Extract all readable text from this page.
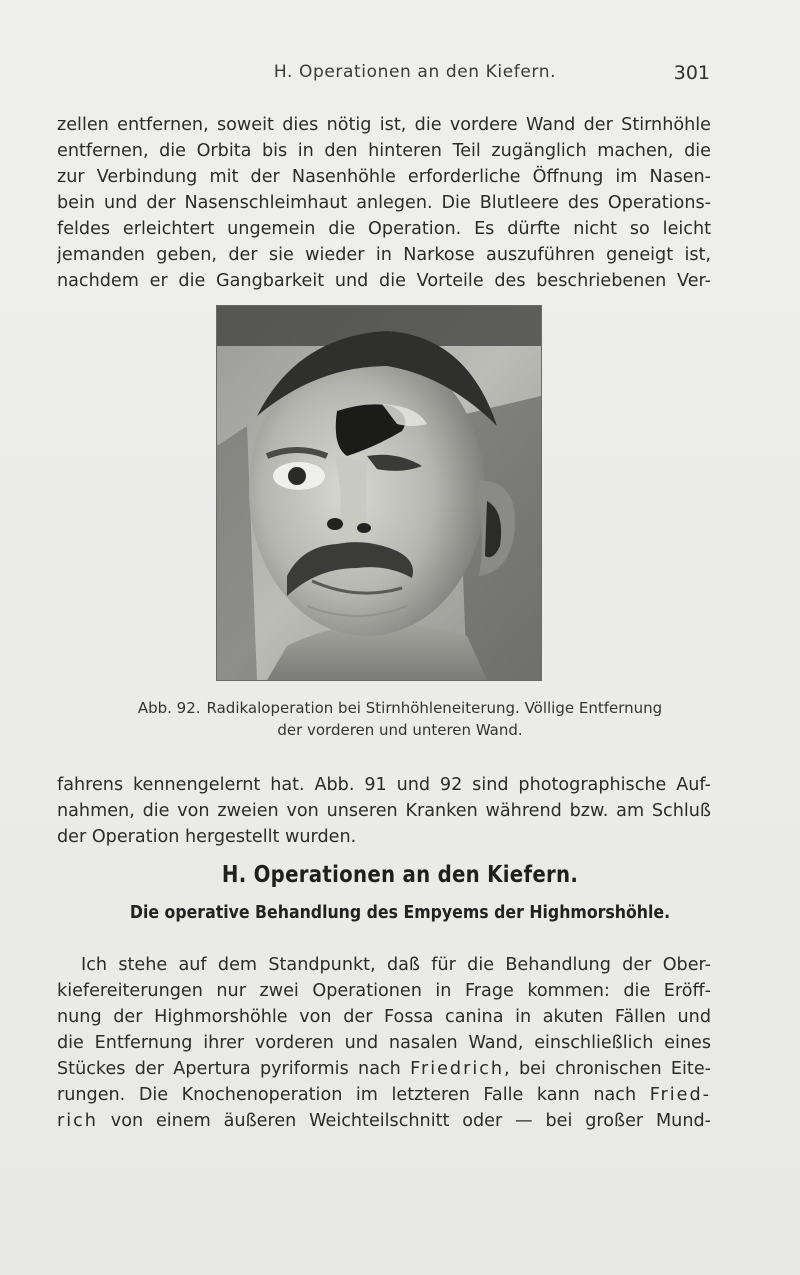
H. Operationen an den Kiefern.	301
zellen entfernen, soweit dies nötig ist, die vordere Wand der Stirnhöhle
entfernen, die Orbita bis in den hinteren Teil zugänglich machen, die
zur Verbindung mit der Nasenhöhle erforderliche Öffnung im Nasen-
bein und der Nasenschleimhaut anlegen. Die Blutleere des Operations-
feldes erleichtert ungemein die Operation. Es dürfte nicht so leicht
jemanden geben, der sie wieder in Narkose auszuführen geneigt ist,
nachdem er die Gangbarkeit und die Vorteile des beschriebenen Ver-
Abb. 92. Radikaloperation bei Stirnhöhleneiterung. Völlige Entfernung
der vorderen und unteren Wand.
fahrens kennengelernt hat. Abb. 91 und 92 sind photographische Auf-
nahmen, die von zweien von unseren Kranken während bzw. am Schluß
der Operation hergestellt wurden.
H. Operationen an den Kiefern.
Die operative Behandlung des Empyems der Highmorshöhle.
Ich stehe auf dem Standpunkt, daß für die Behandlung der Ober-
kiefereiterungen nur zwei Operationen in Frage kommen: die Eröff-
nung der Highmorshöhle von der Fossa canina in akuten Fällen und
die Entfernung ihrer vorderen und nasalen Wand, einschließlich eines
Stückes der Apertura pyriformis nach Friedrich, bei chronischen Eite-
rungen. Die Knochenoperation im letzteren Falle kann nach Fried-
rich von einem äußeren Weichteilschnitt oder — bei großer Mund-
